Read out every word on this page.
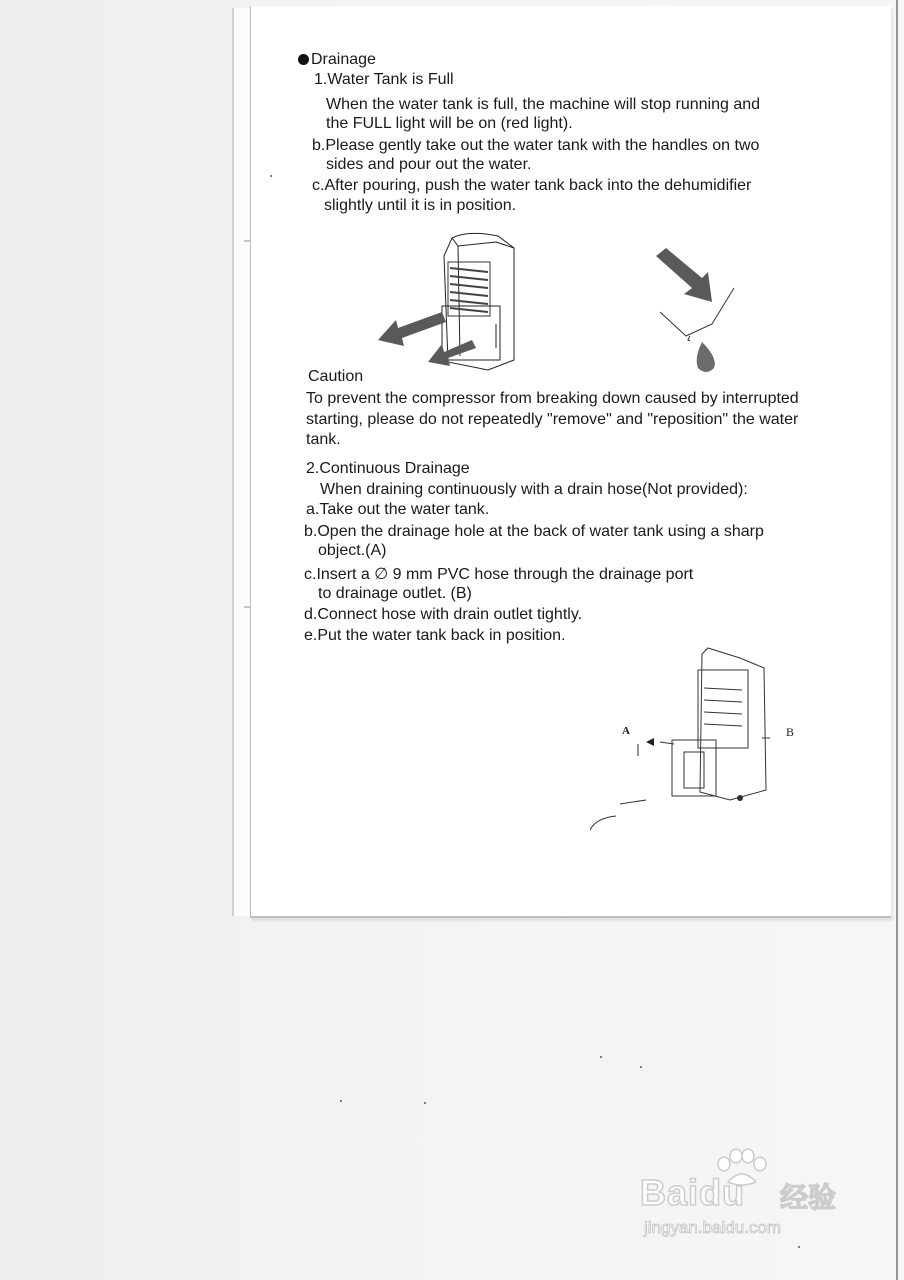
Drainage
1.Water Tank is Full
When the water tank is full, the machine will stop running and
the FULL light will be on (red light).
b.Please gently take out the water tank with the handles on two
sides and pour out the water.
c.After pouring, push the water tank back into the dehumidifier
slightly until it is in position.
Caution
To prevent the compressor from breaking down caused by interrupted
starting, please do not repeatedly "remove" and "reposition" the water
tank.
2.Continuous Drainage
When draining continuously with a drain hose(Not provided):
a.Take out the water tank.
b.Open the drainage hole at the back of water tank using a sharp
object.(A)
c.Insert a ∅ 9 mm PVC hose through the drainage port
to drainage outlet. (B)
d.Connect hose with drain outlet tightly.
e.Put the water tank back in position.
A	B
Baidu 经验
jingyan.baidu.com
